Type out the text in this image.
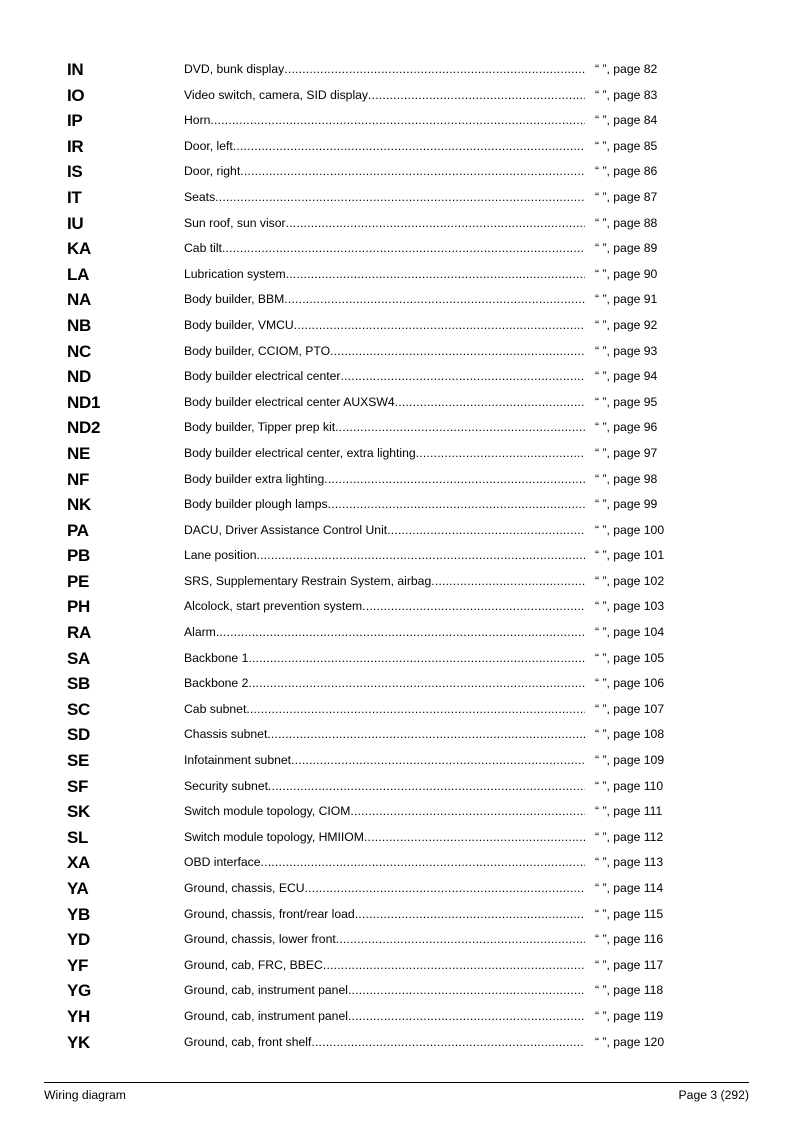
IN	DVD, bunk display .....	“ ”, page 82
IO	Video switch, camera, SID display .....	“ ”, page 83
IP	Horn .....	“ ”, page 84
IR	Door, left .....	“ ”, page 85
IS	Door, right .....	“ ”, page 86
IT	Seats .....	“ ”, page 87
IU	Sun roof, sun visor .....	“ ”, page 88
KA	Cab tilt .....	“ ”, page 89
LA	Lubrication system .....	“ ”, page 90
NA	Body builder, BBM .....	“ ”, page 91
NB	Body builder, VMCU .....	“ ”, page 92
NC	Body builder, CCIOM, PTO .....	“ ”, page 93
ND	Body builder electrical center .....	“ ”, page 94
ND1	Body builder electrical center AUXSW4 .....	“ ”, page 95
ND2	Body builder, Tipper prep kit .....	“ ”, page 96
NE	Body builder electrical center, extra lighting .....	“ ”, page 97
NF	Body builder extra lighting .....	“ ”, page 98
NK	Body builder plough lamps .....	“ ”, page 99
PA	DACU, Driver Assistance Control Unit .....	“ ”, page 100
PB	Lane position .....	“ ”, page 101
PE	SRS, Supplementary Restrain System, airbag .....	“ ”, page 102
PH	Alcolock, start prevention system .....	“ ”, page 103
RA	Alarm .....	“ ”, page 104
SA	Backbone 1 .....	“ ”, page 105
SB	Backbone 2 .....	“ ”, page 106
SC	Cab subnet .....	“ ”, page 107
SD	Chassis subnet .....	“ ”, page 108
SE	Infotainment subnet .....	“ ”, page 109
SF	Security subnet .....	“ ”, page 110
SK	Switch module topology, CIOM .....	“ ”, page 111
SL	Switch module topology, HMIIOM .....	“ ”, page 112
XA	OBD interface .....	“ ”, page 113
YA	Ground, chassis, ECU .....	“ ”, page 114
YB	Ground, chassis, front/rear load .....	“ ”, page 115
YD	Ground, chassis, lower front .....	“ ”, page 116
YF	Ground, cab, FRC, BBEC .....	“ ”, page 117
YG	Ground, cab, instrument panel .....	“ ”, page 118
YH	Ground, cab, instrument panel .....	“ ”, page 119
YK	Ground, cab, front shelf .....	“ ”, page 120
Wiring diagram	Page 3 (292)
